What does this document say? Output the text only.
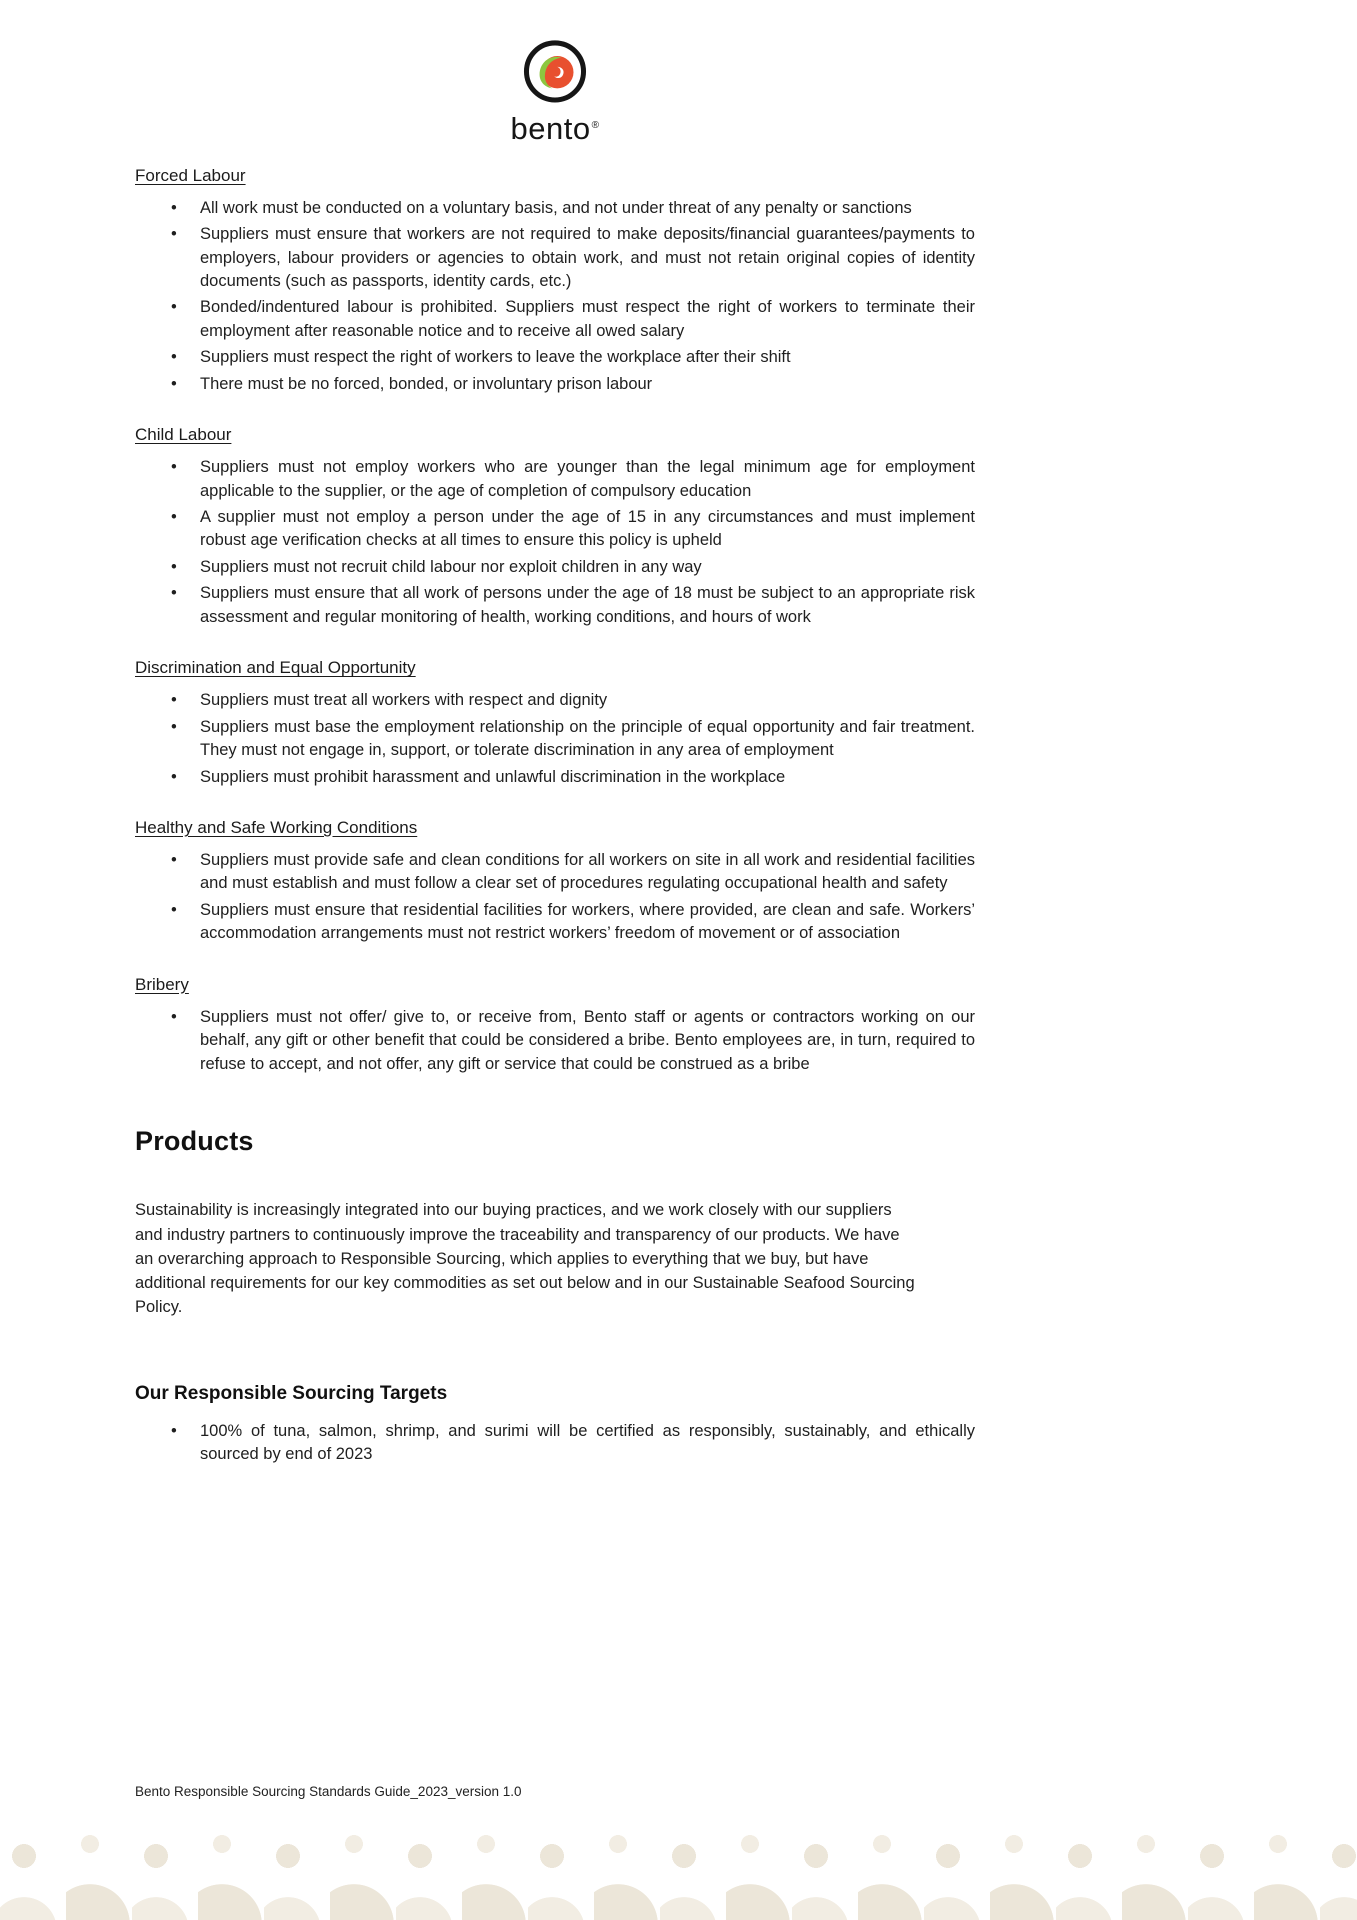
bento®
Forced Labour
• All work must be conducted on a voluntary basis, and not under threat of any penalty or sanctions
• Suppliers must ensure that workers are not required to make deposits/financial guarantees/payments to employers, labour providers or agencies to obtain work, and must not retain original copies of identity documents (such as passports, identity cards, etc.)
• Bonded/indentured labour is prohibited. Suppliers must respect the right of workers to terminate their employment after reasonable notice and to receive all owed salary
• Suppliers must respect the right of workers to leave the workplace after their shift
• There must be no forced, bonded, or involuntary prison labour
Child Labour
• Suppliers must not employ workers who are younger than the legal minimum age for employment applicable to the supplier, or the age of completion of compulsory education
• A supplier must not employ a person under the age of 15 in any circumstances and must implement robust age verification checks at all times to ensure this policy is upheld
• Suppliers must not recruit child labour nor exploit children in any way
• Suppliers must ensure that all work of persons under the age of 18 must be subject to an appropriate risk assessment and regular monitoring of health, working conditions, and hours of work
Discrimination and Equal Opportunity
• Suppliers must treat all workers with respect and dignity
• Suppliers must base the employment relationship on the principle of equal opportunity and fair treatment. They must not engage in, support, or tolerate discrimination in any area of employment
• Suppliers must prohibit harassment and unlawful discrimination in the workplace
Healthy and Safe Working Conditions
• Suppliers must provide safe and clean conditions for all workers on site in all work and residential facilities and must establish and must follow a clear set of procedures regulating occupational health and safety
• Suppliers must ensure that residential facilities for workers, where provided, are clean and safe. Workers’ accommodation arrangements must not restrict workers’ freedom of movement or of association
Bribery
• Suppliers must not offer/ give to, or receive from, Bento staff or agents or contractors working on our behalf, any gift or other benefit that could be considered a bribe. Bento employees are, in turn, required to refuse to accept, and not offer, any gift or service that could be construed as a bribe
Products

Sustainability is increasingly integrated into our buying practices, and we work closely with our suppliers and industry partners to continuously improve the traceability and transparency of our products. We have an overarching approach to Responsible Sourcing, which applies to everything that we buy, but have additional requirements for our key commodities as set out below and in our Sustainable Seafood Sourcing Policy.

Our Responsible Sourcing Targets
• 100% of tuna, salmon, shrimp, and surimi will be certified as responsibly, sustainably, and ethically sourced by end of 2023
Bento Responsible Sourcing Standards Guide_2023_version 1.0
